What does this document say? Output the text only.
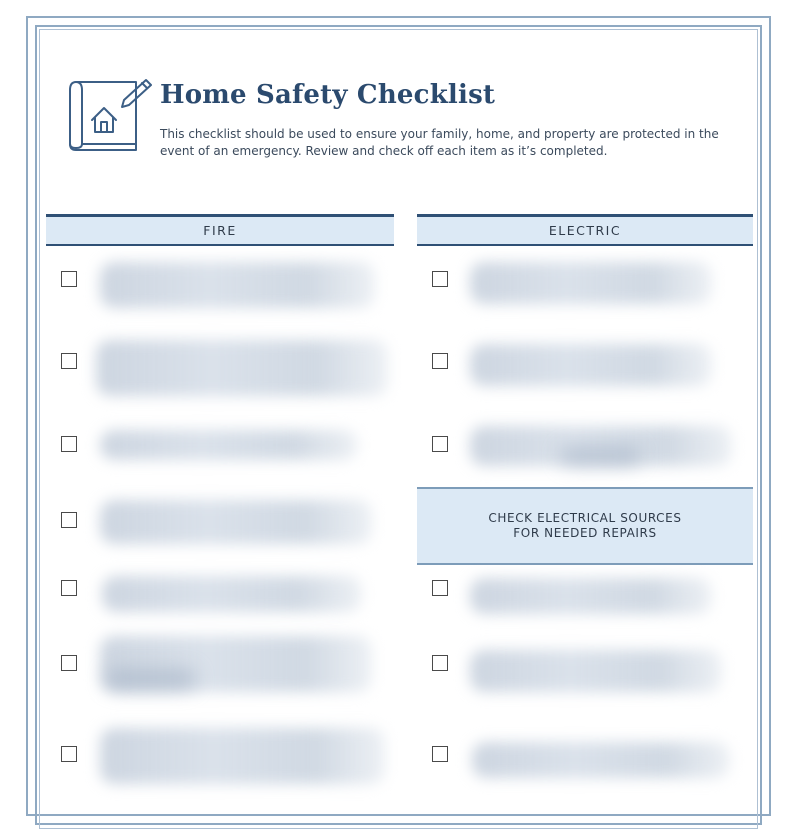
Home Safety Checklist

This checklist should be used to ensure your family, home, and property are protected in the event of an emergency. Review and check off each item as it’s completed.

FIRE	ELECTRIC
CHECK ELECTRICAL SOURCES
FOR NEEDED REPAIRS
